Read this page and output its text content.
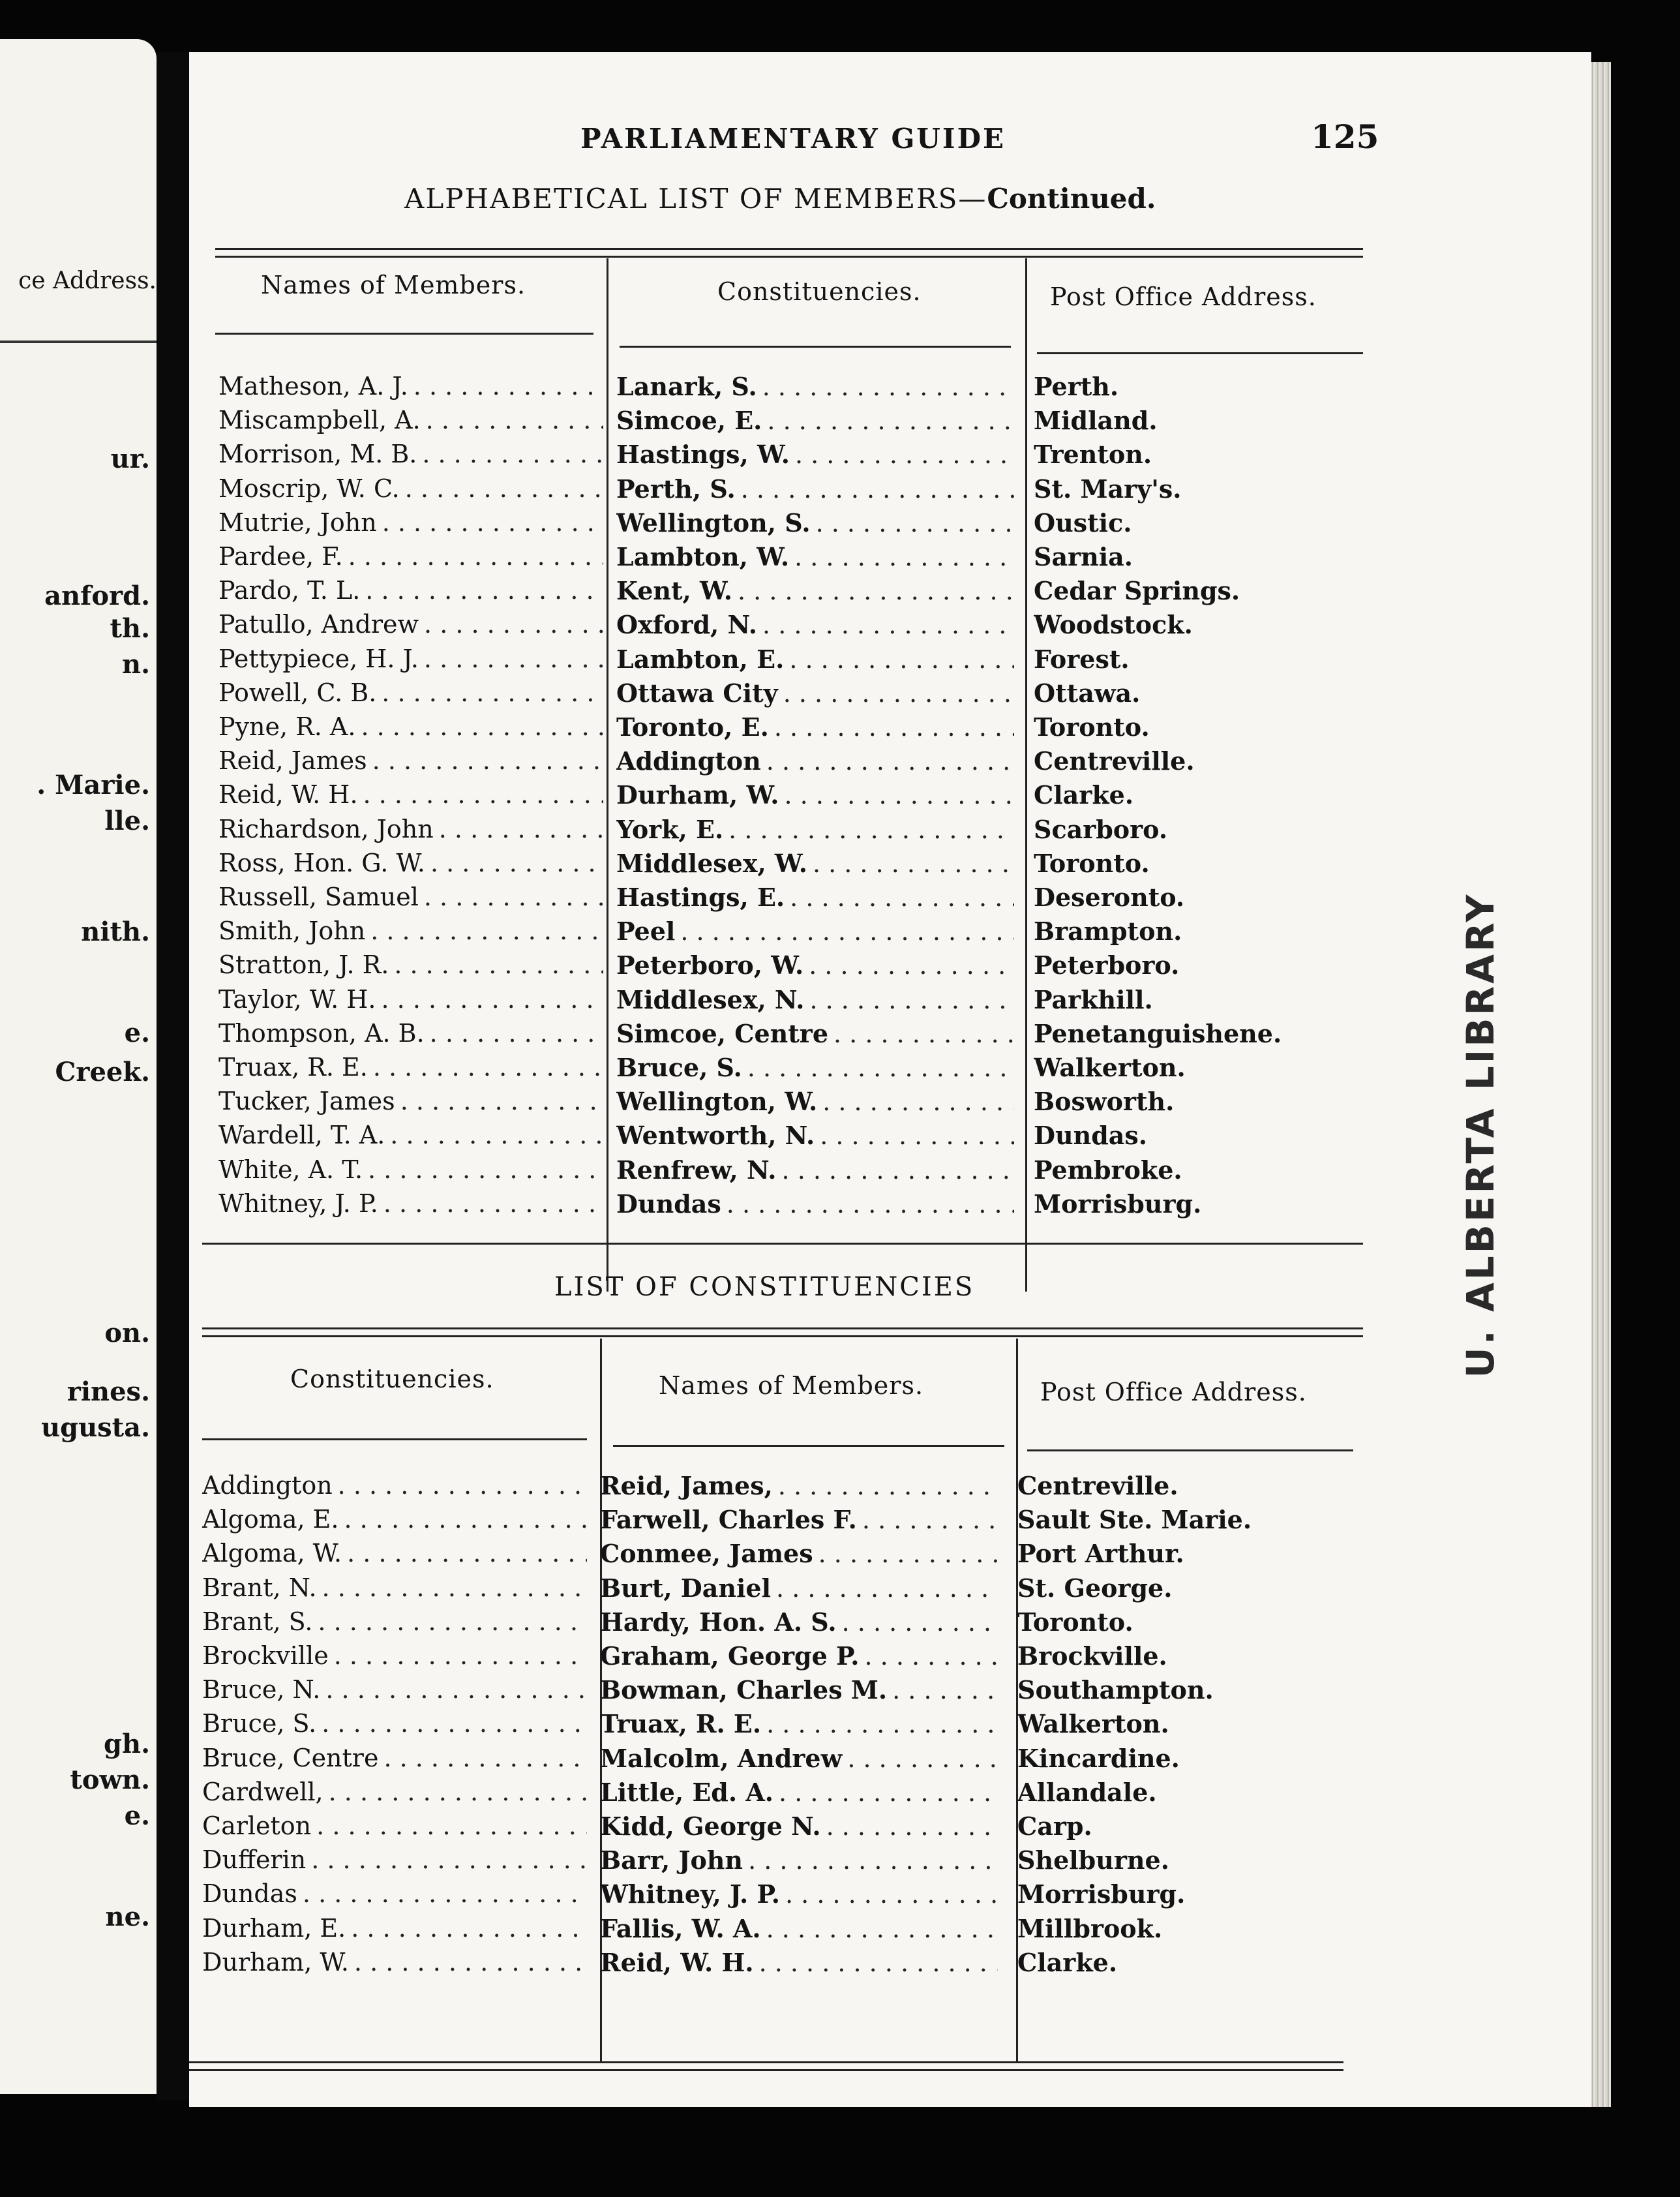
ce Address.
ur.
anford.
th.
n.
. Marie.
lle.
nith.
e.
Creek.
on.
rines.
ugusta.
gh.
town.
e.
ne.
PARLIAMENTARY GUIDE	125
ALPHABETICAL LIST OF MEMBERS—Continued.
Names of Members.	Constituencies.	Post Office Address.
Matheson, A. J. . . .	Lanark, S. . . .	Perth.
Miscampbell, A. . . .	Simcoe, E. . . .	Midland.
Morrison, M. B. . . .	Hastings, W. . . .	Trenton.
Moscrip, W. C. . . .	Perth, S. . . .	St. Mary's.
Mutrie, John . . .	Wellington, S. . . .	Oustic.
Pardee, F. . . .	Lambton, W. . . .	Sarnia.
Pardo, T. L. . . .	Kent, W. . . .	Cedar Springs.
Patullo, Andrew . . .	Oxford, N. . . .	Woodstock.
Pettypiece, H. J. . . .	Lambton, E. . . .	Forest.
Powell, C. B. . . .	Ottawa City . . .	Ottawa.
Pyne, R. A. . . .	Toronto, E. . . .	Toronto.
Reid, James . . .	Addington . . .	Centreville.
Reid, W. H. . . .	Durham, W. . . .	Clarke.
Richardson, John . . .	York, E. . . .	Scarboro.
Ross, Hon. G. W. . . .	Middlesex, W. . . .	Toronto.
Russell, Samuel . . .	Hastings, E. . . .	Deseronto.
Smith, John . . .	Peel . . .	Brampton.
Stratton, J. R. . . .	Peterboro, W. . . .	Peterboro.
Taylor, W. H. . . .	Middlesex, N. . . .	Parkhill.
Thompson, A. B. . . .	Simcoe, Centre . . .	Penetanguishene.
Truax, R. E. . . .	Bruce, S. . . .	Walkerton.
Tucker, James . . .	Wellington, W. . . .	Bosworth.
Wardell, T. A. . . .	Wentworth, N. . . .	Dundas.
White, A. T. . . .	Renfrew, N. . . .	Pembroke.
Whitney, J. P. . . .	Dundas . . .	Morrisburg.
LIST OF CONSTITUENCIES
Constituencies.	Names of Members.	Post Office Address.
Addington . . .	Reid, James, . . .	Centreville.
Algoma, E. . . .	Farwell, Charles F. . . .	Sault Ste. Marie.
Algoma, W. . . .	Conmee, James . . .	Port Arthur.
Brant, N. . . .	Burt, Daniel . . .	St. George.
Brant, S. . . .	Hardy, Hon. A. S. . . .	Toronto.
Brockville . . .	Graham, George P. . . .	Brockville.
Bruce, N. . . .	Bowman, Charles M. . . .	Southampton.
Bruce, S. . . .	Truax, R. E. . . .	Walkerton.
Bruce, Centre . . .	Malcolm, Andrew . . .	Kincardine.
Cardwell, . . .	Little, Ed. A. . . .	Allandale.
Carleton . . .	Kidd, George N. . . .	Carp.
Dufferin . . .	Barr, John . . .	Shelburne.
Dundas . . .	Whitney, J. P. . . .	Morrisburg.
Durham, E. . . .	Fallis, W. A. . . .	Millbrook.
Durham, W. . . .	Reid, W. H. . . .	Clarke.
U. ALBERTA LIBRARY
